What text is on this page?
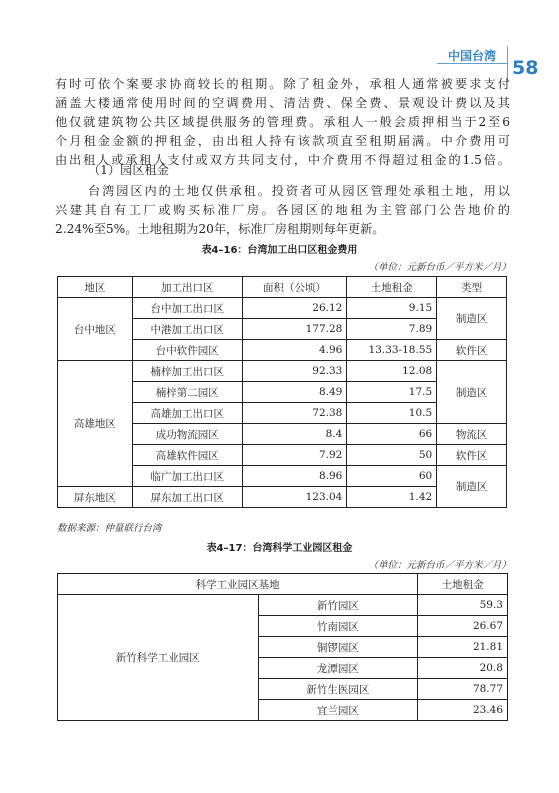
中国台湾
58
有时可依个案要求协商较长的租期。除了租金外，承租人通常被要求支付
涵盖大楼通常使用时间的空调费用、清洁费、保全费、景观设计费以及其
他仅就建筑物公共区域提供服务的管理费。承租人一般会质押相当于2至6
个月租金金额的押租金，由出租人持有该款项直至租期届满。中介费用可
由出租人或承租人支付或双方共同支付，中介费用不得超过租金的1.5倍。
（1）园区租金
台湾园区内的土地仅供承租。投资者可从园区管理处承租土地，用以
兴建其自有工厂或购买标准厂房。各园区的地租为主管部门公告地价的
2.24%至5%。土地租期为20年，标准厂房租期则每年更新。
表4–16：台湾加工出口区租金费用
（单位：元新台币／平方米／月）
地区	加工出口区	面积（公顷）	土地租金	类型
台中地区	台中加工出口区	26.12	9.15	制造区
	中港加工出口区	177.28	7.89	
	台中软件园区	4.96	13.33-18.55	软件区
高雄地区	楠梓加工出口区	92.33	12.08	制造区
	楠梓第二园区	8.49	17.5	
	高雄加工出口区	72.38	10.5	
	成功物流园区	8.4	66	物流区
	高雄软件园区	7.92	50	软件区
	临广加工出口区	8.96	60	制造区
屏东地区	屏东加工出口区	123.04	1.42	
数据来源：仲量联行台湾
表4–17：台湾科学工业园区租金
（单位：元新台币／平方米／月）
科学工业园区基地		土地租金
新竹科学工业园区	新竹园区	59.3
	竹南园区	26.67
	铜锣园区	21.81
	龙潭园区	20.8
	新竹生医园区	78.77
	宜兰园区	23.46
